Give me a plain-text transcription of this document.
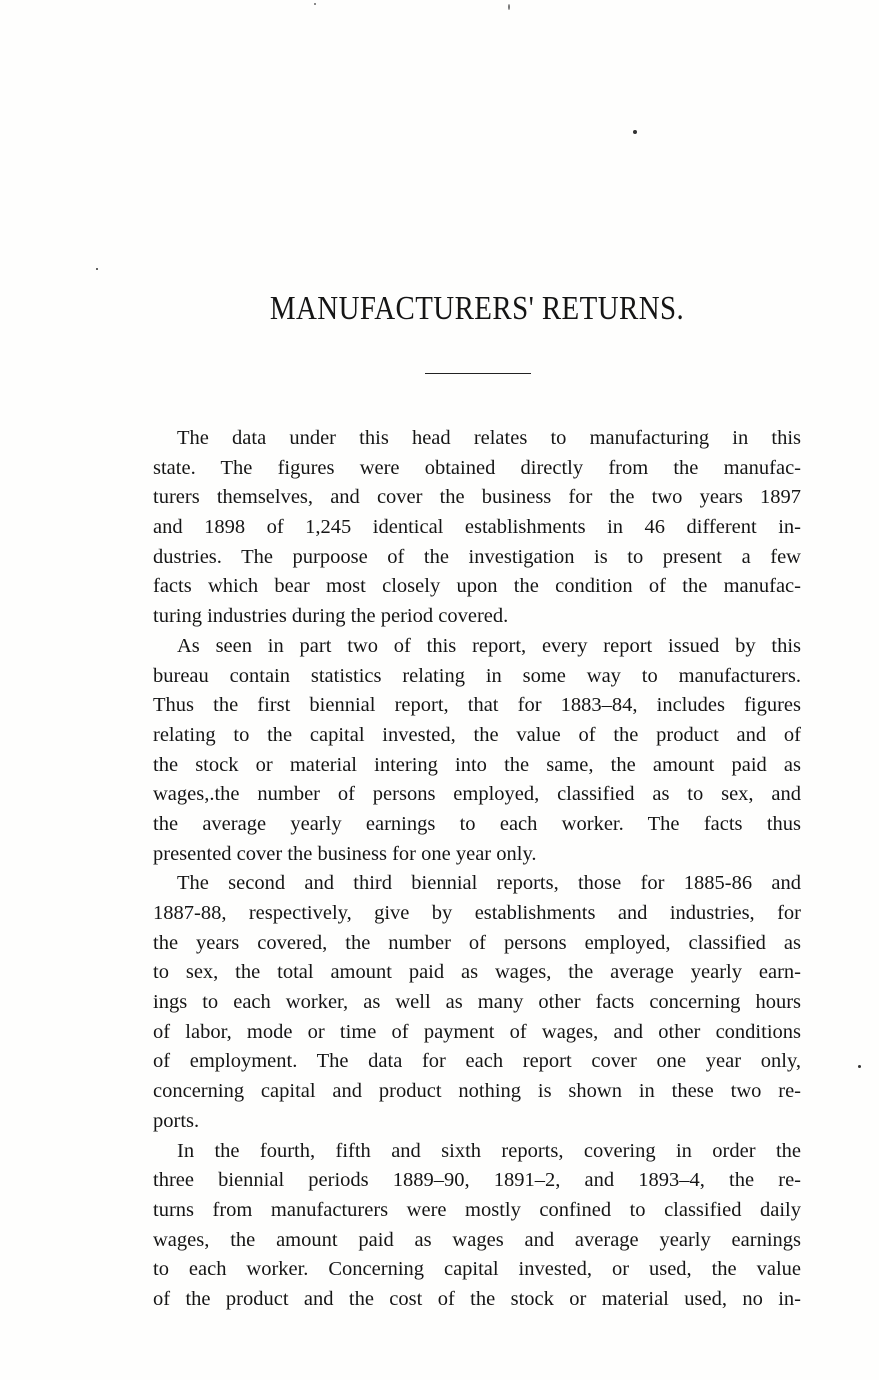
MANUFACTURERS' RETURNS.
The data under this head relates to manufacturing in this
state. The figures were obtained directly from the manufac-
turers themselves, and cover the business for the two years 1897
and 1898 of 1,245 identical establishments in 46 different in-
dustries. The purpoose of the investigation is to present a few
facts which bear most closely upon the condition of the manufac-
turing industries during the period covered.
As seen in part two of this report, every report issued by this
bureau contain statistics relating in some way to manufacturers.
Thus the first biennial report, that for 1883–84, includes figures
relating to the capital invested, the value of the product and of
the stock or material intering into the same, the amount paid as
wages,.the number of persons employed, classified as to sex, and
the average yearly earnings to each worker. The facts thus
presented cover the business for one year only.
The second and third biennial reports, those for 1885-86 and
1887-88, respectively, give by establishments and industries, for
the years covered, the number of persons employed, classified as
to sex, the total amount paid as wages, the average yearly earn-
ings to each worker, as well as many other facts concerning hours
of labor, mode or time of payment of wages, and other conditions
of employment. The data for each report cover one year only,
concerning capital and product nothing is shown in these two re-
ports.
In the fourth, fifth and sixth reports, covering in order the
three biennial periods 1889–90, 1891–2, and 1893–4, the re-
turns from manufacturers were mostly confined to classified daily
wages, the amount paid as wages and average yearly earnings
to each worker. Concerning capital invested, or used, the value
of the product and the cost of the stock or material used, no in-
